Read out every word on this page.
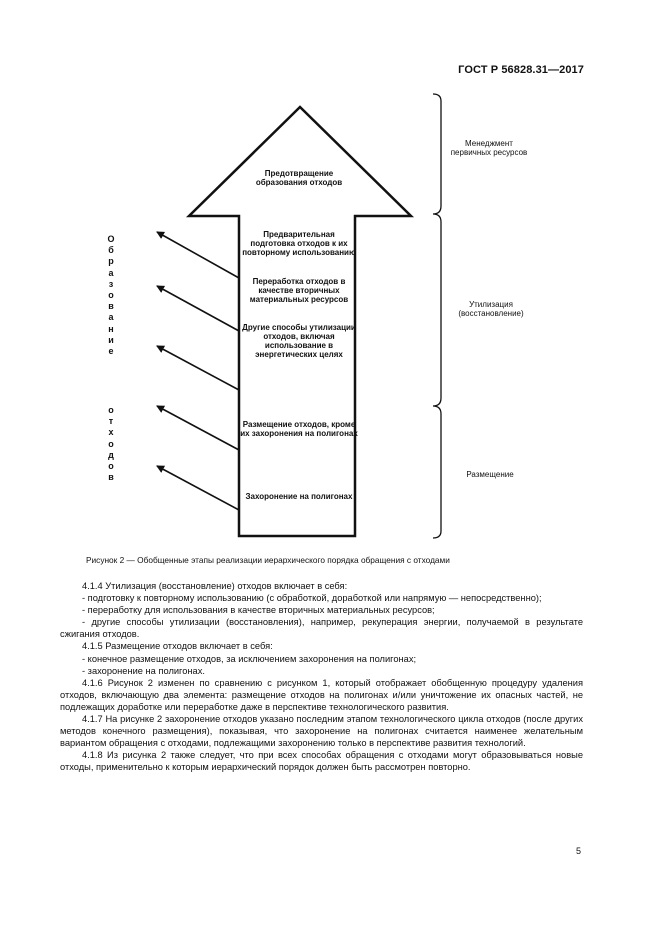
ГОСТ Р 56828.31—2017
Предотвращение образования отходов
Предварительная подготовка отходов к их повторному использованию
Переработка отходов в качестве вторичных материальных ресурсов
Другие способы утилизации отходов, включая использование в энергетических целях
Размещение отходов, кроме их захоронения на полигонах
Захоронение на полигонах
Менеджмент первичных ресурсов
Утилизация (восстановление)
Размещение
О
б
р
а
з
о
в
а
н
и
е
о
т
х
о
д
о
в
Рисунок 2 — Обобщенные этапы реализации иерархического порядка обращения с отходами

4.1.4 Утилизация (восстановление) отходов включает в себя:

- подготовку к повторному использованию (с обработкой, доработкой или напрямую — непосредственно);

- переработку для использования в качестве вторичных материальных ресурсов;

- другие способы утилизации (восстановления), например, рекуперация энергии, получаемой в результате сжигания отходов.

4.1.5 Размещение отходов включает в себя:

- конечное размещение отходов, за исключением захоронения на полигонах;

- захоронение на полигонах.

4.1.6 Рисунок 2 изменен по сравнению с рисунком 1, который отображает обобщенную процедуру удаления отходов, включающую два элемента: размещение отходов на полигонах и/или уничтожение их опасных частей, не подлежащих доработке или переработке даже в перспективе технологического развития.

4.1.7 На рисунке 2 захоронение отходов указано последним этапом технологического цикла отходов (после других методов конечного размещения), показывая, что захоронение на полигонах считается наименее желательным вариантом обращения с отходами, подлежащими захоронению только в перспективе развития технологий.

4.1.8 Из рисунка 2 также следует, что при всех способах обращения с отходами могут образовываться новые отходы, применительно к которым иерархический порядок должен быть рассмотрен повторно.

5
